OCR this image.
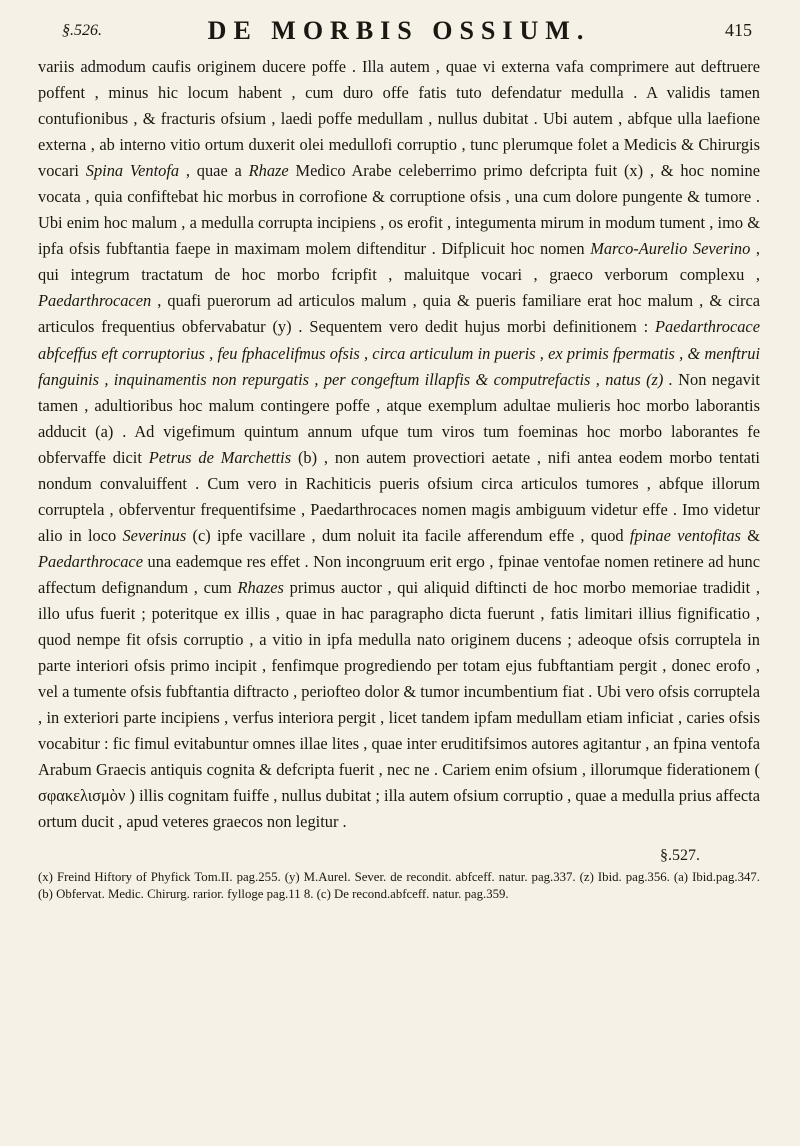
§.526.	DE MORBIS OSSIUM.	415

variis admodum caufis originem ducere poffe . Illa autem , quae vi externa vafa comprimere aut deftruere poffent , minus hic locum habent , cum duro offe fatis tuto defendatur medulla . A validis tamen contufionibus , & fracturis ofsium , laedi poffe medullam , nullus dubitat . Ubi autem , abfque ulla laefione externa , ab interno vitio ortum duxerit olei medullofi corruptio , tunc plerumque folet a Medicis & Chirurgis vocari Spina Ventofa , quae a Rhaze Medico Arabe celeberrimo primo defcripta fuit (x) , & hoc nomine vocata , quia confiftebat hic morbus in corrofione & corruptione ofsis , una cum dolore pungente & tumore . Ubi enim hoc malum , a medulla corrupta incipiens , os erofit , integumenta mirum in modum tument , imo & ipfa ofsis fubftantia faepe in maximam molem diftenditur . Difplicuit hoc nomen Marco-Aurelio Severino , qui integrum tractatum de hoc morbo fcripfit , maluitque vocari , graeco verborum complexu , Paedarthrocacen , quafi puerorum ad articulos malum , quia & pueris familiare erat hoc malum , & circa articulos frequentius obfervabatur (y) . Sequentem vero dedit hujus morbi definitionem : Paedarthrocace abfceffus eft corruptorius , feu fphacelifmus ofsis , circa articulum in pueris , ex primis fpermatis , & menftrui fanguinis , inquinamentis non repurgatis , per congeftum illapfis & computrefactis , natus (z) . Non negavit tamen , adultioribus hoc malum contingere poffe , atque exemplum adultae mulieris hoc morbo laborantis adducit (a) . Ad vigefimum quintum annum ufque tum viros tum foeminas hoc morbo laborantes fe obfervaffe dicit Petrus de Marchettis (b) , non autem provectiori aetate , nifi antea eodem morbo tentati nondum convaluiffent . Cum vero in Rachiticis pueris ofsium circa articulos tumores , abfque illorum corruptela , obferventur frequentifsime , Paedarthrocaces nomen magis ambiguum videtur effe . Imo videtur alio in loco Severinus (c) ipfe vacillare , dum noluit ita facile afferendum effe , quod fpinae ventofitas & Paedarthrocace una eademque res effet . Non incongruum erit ergo , fpinae ventofae nomen retinere ad hunc affectum defignandum , cum Rhazes primus auctor , qui aliquid diftincti de hoc morbo memoriae tradidit , illo ufus fuerit ; poteritque ex illis , quae in hac paragrapho dicta fuerunt , fatis limitari illius fignificatio , quod nempe fit ofsis corruptio , a vitio in ipfa medulla nato originem ducens ; adeoque ofsis corruptela in parte interiori ofsis primo incipit , fenfimque progrediendo per totam ejus fubftantiam pergit , donec erofo , vel a tumente ofsis fubftantia diftracto , periofteo dolor & tumor incumbentium fiat . Ubi vero ofsis corruptela , in exteriori parte incipiens , verfus interiora pergit , licet tandem ipfam medullam etiam inficiat , caries ofsis vocabitur : fic fimul evitabuntur omnes illae lites , quae inter eruditifsimos autores agitantur , an fpina ventofa Arabum Graecis antiquis cognita & defcripta fuerit , nec ne . Cariem enim ofsium , illorumque fiderationem ( σφακελισμὸν ) illis cognitam fuiffe , nullus dubitat ; illa autem ofsium corruptio , quae a medulla prius affecta ortum ducit , apud veteres graecos non legitur .

§.527.
(x) Freind Hiftory of Phyfick Tom.II. pag.255. (y) M.Aurel. Sever. de recondit. abfceff. natur. pag.337. (z) Ibid. pag.356. (a) Ibid.pag.347. (b) Obfervat. Medic. Chirurg. rarior. fylloge pag.11 8. (c) De recond.abfceff. natur. pag.359.
